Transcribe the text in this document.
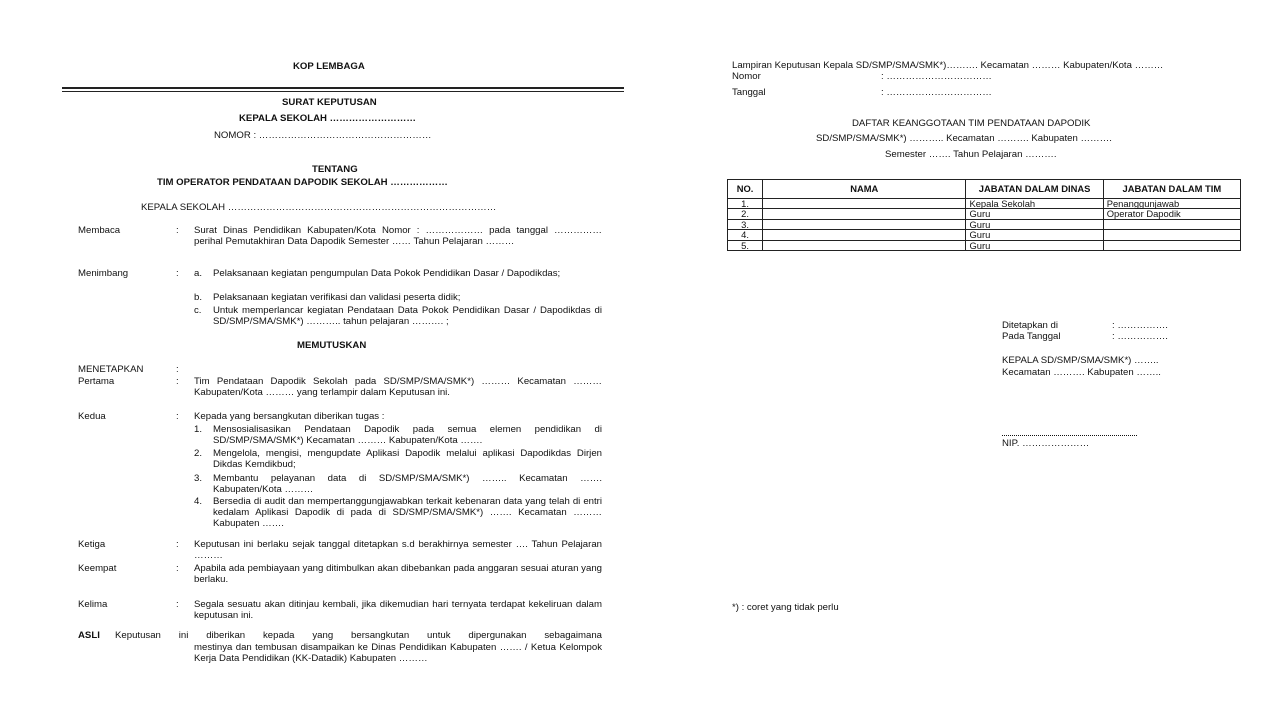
KOP LEMBAGA
SURAT KEPUTUSAN
KEPALA SEKOLAH ………………………
NOMOR : ………………………………………………
TENTANG
TIM OPERATOR PENDATAAN DAPODIK SEKOLAH ………………
KEPALA SEKOLAH …………………………………………………………………………
Membaca	: Surat Dinas Pendidikan Kabupaten/Kota Nomor : ……………… pada tanggal …………… perihal Pemutakhiran Data Dapodik Semester …… Tahun Pelajaran ………
Menimbang	: a. Pelaksanaan kegiatan pengumpulan Data Pokok Pendidikan Dasar / Dapodikdas;
b. Pelaksanaan kegiatan verifikasi dan validasi peserta didik;
c. Untuk memperlancar kegiatan Pendataan Data Pokok Pendidikan Dasar / Dapodikdas di SD/SMP/SMA/SMK*) ……….. tahun pelajaran ………. ;
MEMUTUSKAN
MENETAPKAN	:
Pertama	: Tim Pendataan Dapodik Sekolah pada SD/SMP/SMA/SMK*) ……… Kecamatan ……… Kabupaten/Kota ……… yang terlampir dalam Keputusan ini.
Kedua	: Kepada yang bersangkutan diberikan tugas :
1. Mensosialisasikan Pendataan Dapodik pada semua elemen pendidikan di SD/SMP/SMA/SMK*) Kecamatan ……… Kabupaten/Kota …….
2. Mengelola, mengisi, mengupdate Aplikasi Dapodik melalui aplikasi Dapodikdas Dirjen Dikdas Kemdikbud;
3. Membantu pelayanan data di SD/SMP/SMA/SMK*) …….. Kecamatan ……. Kabupaten/Kota ………
4. Bersedia di audit dan mempertanggungjawabkan terkait kebenaran data yang telah di entri kedalam Aplikasi Dapodik di pada di SD/SMP/SMA/SMK*) ……. Kecamatan ……… Kabupaten …….
Ketiga	: Keputusan ini berlaku sejak tanggal ditetapkan s.d berakhirnya semester …. Tahun Pelajaran ………
Keempat	: Apabila ada pembiayaan yang ditimbulkan akan dibebankan pada anggaran sesuai aturan yang berlaku.
Kelima	: Segala sesuatu akan ditinjau kembali, jika dikemudian hari ternyata terdapat kekeliruan dalam keputusan ini.
ASLI Keputusan ini diberikan kepada yang bersangkutan untuk dipergunakan sebagaimana
mestinya dan tembusan disampaikan ke Dinas Pendidikan Kabupaten ……. / Ketua Kelompok Kerja Data Pendidikan (KK-Datadik) Kabupaten ………
Lampiran Keputusan Kepala SD/SMP/SMA/SMK*)………. Kecamatan ……… Kabupaten/Kota ………
Nomor	: ……………………………
Tanggal	: ……………………………
DAFTAR KEANGGOTAAN TIM PENDATAAN DAPODIK
SD/SMP/SMA/SMK*) ……….. Kecamatan ………. Kabupaten ……….
Semester ……. Tahun Pelajaran ……….
NO.	NAMA	JABATAN DALAM DINAS	JABATAN DALAM TIM
1.		Kepala Sekolah	Penanggunjawab
2.		Guru	Operator Dapodik
3.		Guru	
4.		Guru	
5.		Guru	
Ditetapkan di	: …………….
Pada Tanggal	: …………….
KEPALA SD/SMP/SMA/SMK*) ……..
Kecamatan ………. Kabupaten ……..
NIP. …………………
*) : coret yang tidak perlu
